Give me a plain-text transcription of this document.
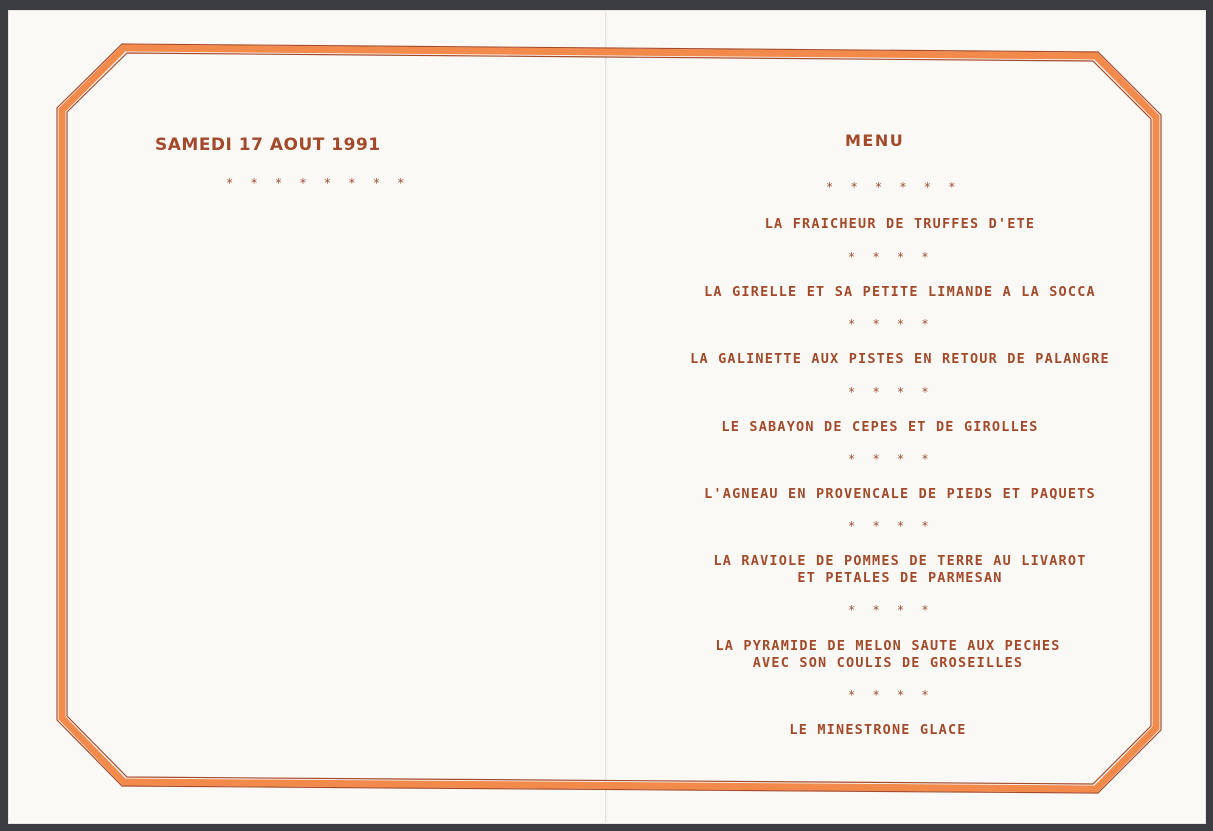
SAMEDI 17 AOUT 1991

* * * * * * * *

MENU

* * * * * *

LA FRAICHEUR DE TRUFFES D'ETE

* * * *

LA GIRELLE ET SA PETITE LIMANDE A LA SOCCA

* * * *

LA GALINETTE AUX PISTES EN RETOUR DE PALANGRE

* * * *

LE SABAYON DE CEPES ET DE GIROLLES

* * * *

L'AGNEAU EN PROVENCALE DE PIEDS ET PAQUETS

* * * *

LA RAVIOLE DE POMMES DE TERRE AU LIVAROT
ET PETALES DE PARMESAN

* * * *

LA PYRAMIDE DE MELON SAUTE AUX PECHES
AVEC SON COULIS DE GROSEILLES

* * * *

LE MINESTRONE GLACE
